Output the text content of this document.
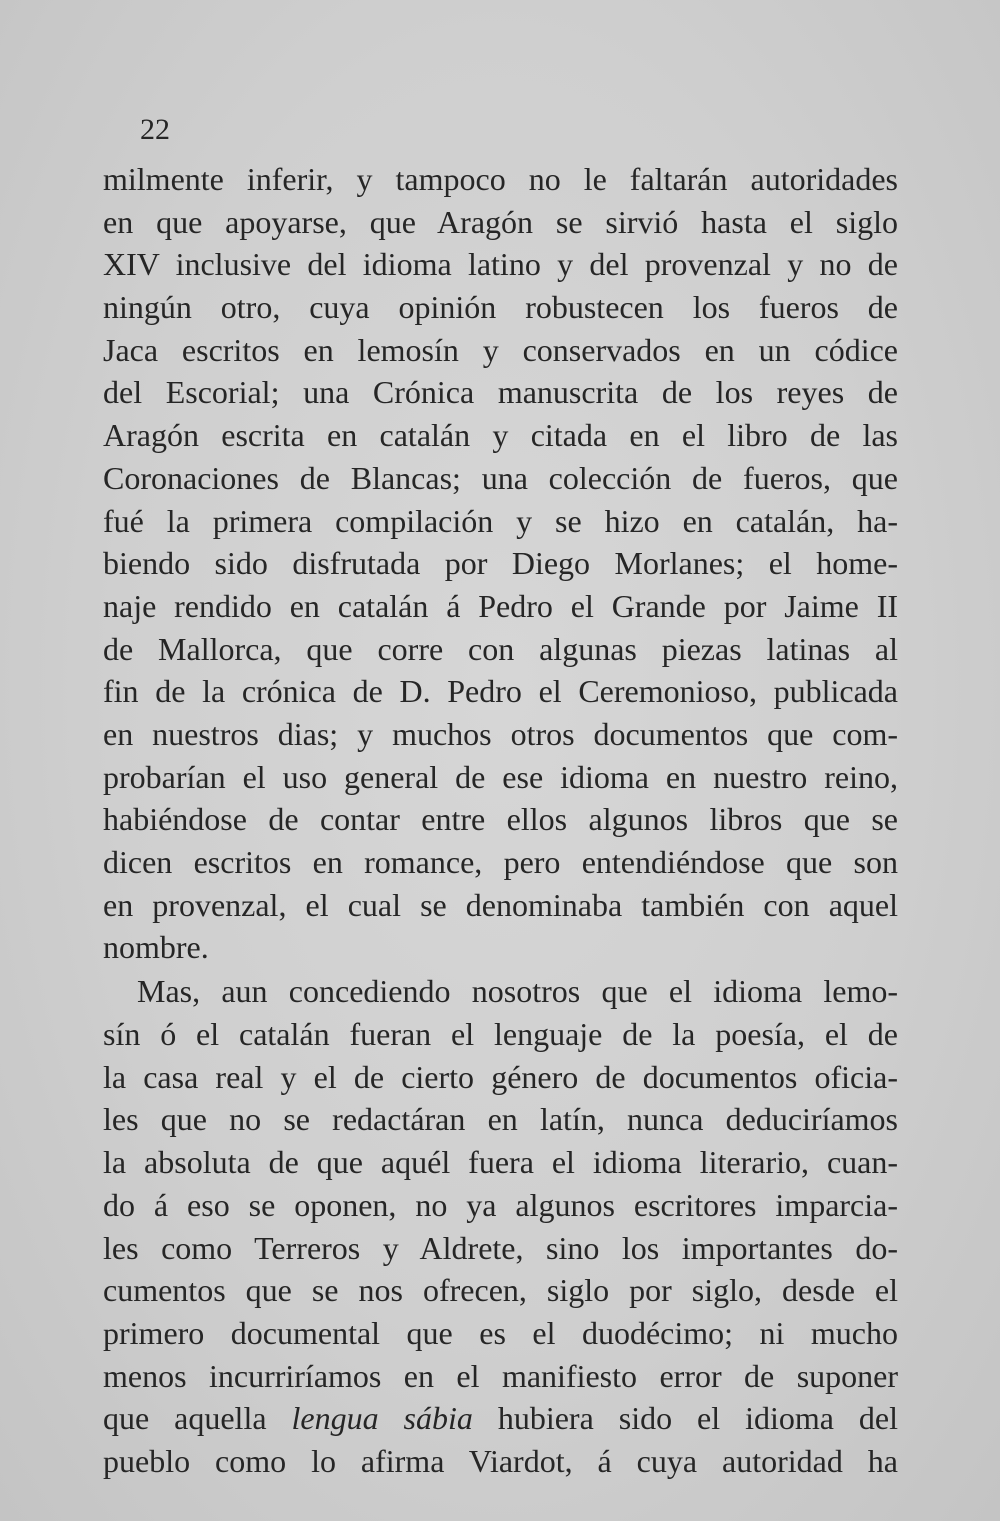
22
milmente inferir, y tampoco no le faltarán autoridades
en que apoyarse, que Aragón se sirvió hasta el siglo
XIV inclusive del idioma latino y del provenzal y no de
ningún otro, cuya opinión robustecen los fueros de
Jaca escritos en lemosín y conservados en un códice
del Escorial; una Crónica manuscrita de los reyes de
Aragón escrita en catalán y citada en el libro de las
Coronaciones de Blancas; una colección de fueros, que
fué la primera compilación y se hizo en catalán, ha-
biendo sido disfrutada por Diego Morlanes; el home-
naje rendido en catalán á Pedro el Grande por Jaime II
de Mallorca, que corre con algunas piezas latinas al
fin de la crónica de D. Pedro el Ceremonioso, publicada
en nuestros dias; y muchos otros documentos que com-
probarían el uso general de ese idioma en nuestro reino,
habiéndose de contar entre ellos algunos libros que se
dicen escritos en romance, pero entendiéndose que son
en provenzal, el cual se denominaba también con aquel
nombre.
Mas, aun concediendo nosotros que el idioma lemo-
sín ó el catalán fueran el lenguaje de la poesía, el de
la casa real y el de cierto género de documentos oficia-
les que no se redactáran en latín, nunca deduciríamos
la absoluta de que aquél fuera el idioma literario, cuan-
do á eso se oponen, no ya algunos escritores imparcia-
les como Terreros y Aldrete, sino los importantes do-
cumentos que se nos ofrecen, siglo por siglo, desde el
primero documental que es el duodécimo; ni mucho
menos incurriríamos en el manifiesto error de suponer
que aquella lengua sábia hubiera sido el idioma del
pueblo como lo afirma Viardot, á cuya autoridad ha
